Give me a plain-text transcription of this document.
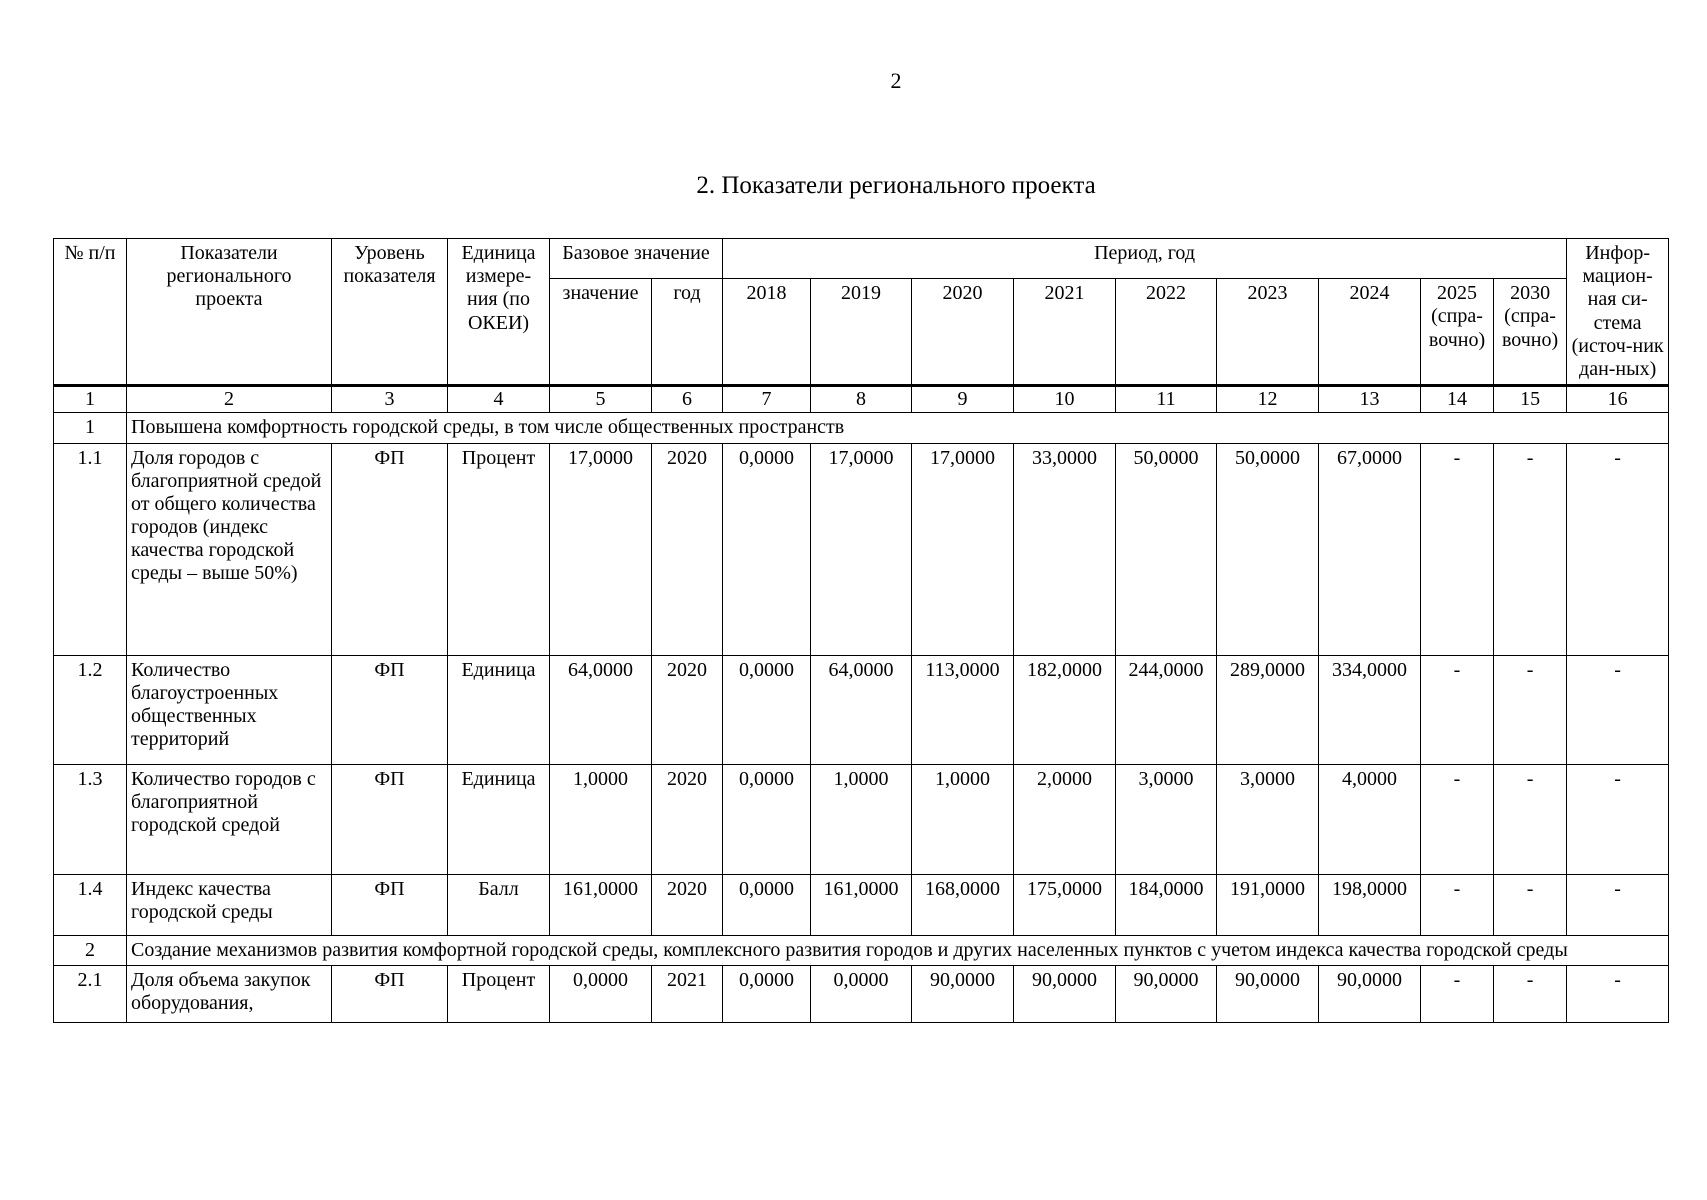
2
2. Показатели регионального проекта
№ п/п	Показатели регионального проекта	Уровень показателя	Единица измере-ния (по ОКЕИ)	Базовое значение		Период, год									Инфор-мацион-ная си-стема (источ-ник дан-ных)
				значение	год	2018	2019	2020	2021	2022	2023	2024	2025 (спра-вочно)	2030 (спра-вочно)	
1	2	3	4	5	6	7	8	9	10	11	12	13	14	15	16
1	Повышена комфортность городской среды, в том числе общественных пространств														
1.1	Доля городов с благоприятной средой от общего количества городов (индекс качества городской среды – выше 50%)	ФП	Процент	17,0000	2020	0,0000	17,0000	17,0000	33,0000	50,0000	50,0000	67,0000	-	-	-
1.2	Количество благоустроенных общественных территорий	ФП	Единица	64,0000	2020	0,0000	64,0000	113,0000	182,0000	244,0000	289,0000	334,0000	-	-	-
1.3	Количество городов с благоприятной городской средой	ФП	Единица	1,0000	2020	0,0000	1,0000	1,0000	2,0000	3,0000	3,0000	4,0000	-	-	-
1.4	Индекс качества городской среды	ФП	Балл	161,0000	2020	0,0000	161,0000	168,0000	175,0000	184,0000	191,0000	198,0000	-	-	-
2	Создание механизмов развития комфортной городской среды, комплексного развития городов и других населенных пунктов с учетом индекса качества городской среды														
2.1	Доля объема закупок оборудования,	ФП	Процент	0,0000	2021	0,0000	0,0000	90,0000	90,0000	90,0000	90,0000	90,0000	-	-	-
